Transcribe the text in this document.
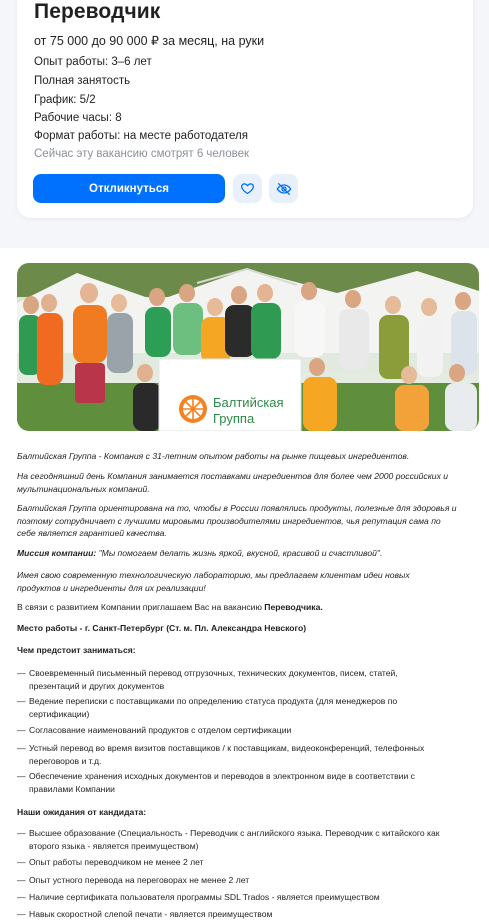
Переводчик
от 75 000 до 90 000 ₽ за месяц, на руки
Опыт работы: 3–6 лет
Полная занятость
График: 5/2
Рабочие часы: 8
Формат работы: на месте работодателя
Сейчас эту вакансию смотрят 6 человек
Откликнуться
Балтийская
Группа
Балтийская Группа - Компания с 31-летним опытом работы на рынке пищевых ингредиентов.
На сегодняшний день Компания занимается поставками ингредиентов для более чем 2000 российских и
мультинациональных компаний.
Балтийская Группа ориентирована на то, чтобы в России появлялись продукты, полезные для здоровья и
поэтому сотрудничает с лучшими мировыми производителями ингредиентов, чья репутация сама по
себе является гарантией качества.
Миссия компании: "Мы помогаем делать жизнь яркой, вкусной, красивой и счастливой".
Имея свою современную технологическую лабораторию, мы предлагаем клиентам идеи новых
продуктов и ингредиенты для их реализации!
В связи с развитием Компании приглашаем Вас на вакансию Переводчика.
Место работы - г. Санкт-Петербург (Ст. м. Пл. Александра Невского)
Чем предстоит заниматься:
— Своевременный письменный перевод отгрузочных, технических документов, писем, статей,
презентаций и других документов
— Ведение переписки с поставщиками по определению статуса продукта (для менеджеров по
сертификации)
— Согласование наименований продуктов с отделом сертификации
— Устный перевод во время визитов поставщиков / к поставщикам, видеоконференций, телефонных
переговоров и т.д.
— Обеспечение хранения исходных документов и переводов в электронном виде в соответствии с
правилами Компании
Наши ожидания от кандидата:
— Высшее образование (Специальность - Переводчик с английского языка. Переводчик с китайского как
второго языка - является преимуществом)
— Опыт работы переводчиком не менее 2 лет
— Опыт устного перевода на переговорах не менее 2 лет
— Наличие сертификата пользователя программы SDL Trados - является преимуществом
— Навык скоростной слепой печати - является преимуществом
